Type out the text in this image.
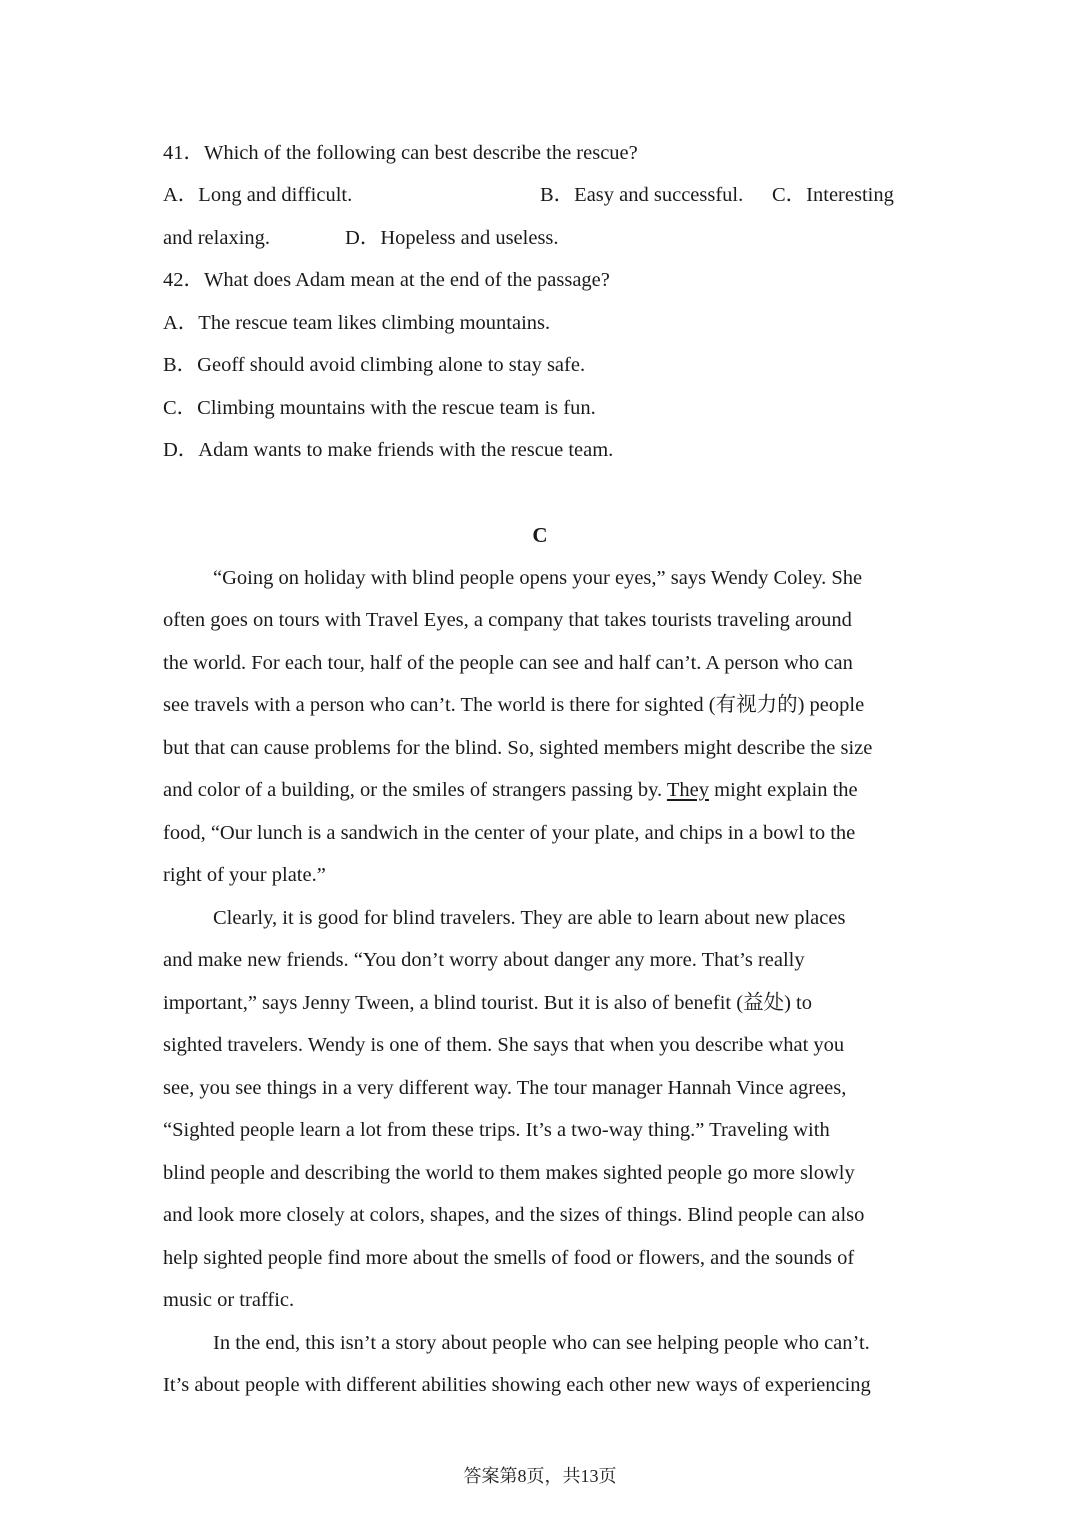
41．Which of the following can best describe the rescue?
A．Long and difficult.	B．Easy and successful. C．Interesting
and relaxing.	D．Hopeless and useless.
42．What does Adam mean at the end of the passage?
A．The rescue team likes climbing mountains.
B．Geoff should avoid climbing alone to stay safe.
C．Climbing mountains with the rescue team is fun.
D．Adam wants to make friends with the rescue team.
C
“Going on holiday with blind people opens your eyes,” says Wendy Coley. She
often goes on tours with Travel Eyes, a company that takes tourists traveling around
the world. For each tour, half of the people can see and half can’t. A person who can
see travels with a person who can’t. The world is there for sighted (有视力的) people
but that can cause problems for the blind. So, sighted members might describe the size
and color of a building, or the smiles of strangers passing by. They might explain the
food, “Our lunch is a sandwich in the center of your plate, and chips in a bowl to the
right of your plate.”
Clearly, it is good for blind travelers. They are able to learn about new places
and make new friends. “You don’t worry about danger any more. That’s really
important,” says Jenny Tween, a blind tourist. But it is also of benefit (益处) to
sighted travelers. Wendy is one of them. She says that when you describe what you
see, you see things in a very different way. The tour manager Hannah Vince agrees,
“Sighted people learn a lot from these trips. It’s a two-way thing.” Traveling with
blind people and describing the world to them makes sighted people go more slowly
and look more closely at colors, shapes, and the sizes of things. Blind people can also
help sighted people find more about the smells of food or flowers, and the sounds of
music or traffic.
In the end, this isn’t a story about people who can see helping people who can’t.
It’s about people with different abilities showing each other new ways of experiencing
答案第8页，共13页
